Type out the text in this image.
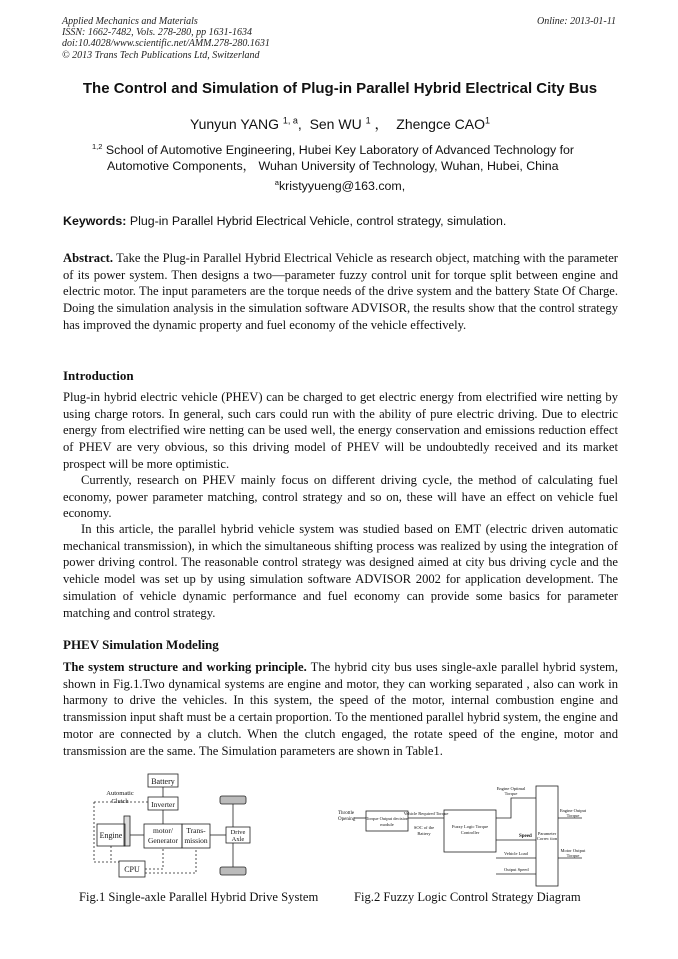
Applied Mechanics and Materials
ISSN: 1662-7482, Vols. 278-280, pp 1631-1634
doi:10.4028/www.scientific.net/AMM.278-280.1631
© 2013 Trans Tech Publications Ltd, Switzerland
Online: 2013-01-11
The Control and Simulation of Plug-in Parallel Hybrid Electrical City Bus
Yunyun YANG $^{1, a}$,  Sen WU $^1$ ，  Zhengce CAO$^1$
$^{1,2}$ School of Automotive Engineering, Hubei Key Laboratory of Advanced Technology for
Automotive Components， Wuhan University of Technology, Wuhan, Hubei, China
$^a$kristyyueng@163.com,
Keywords: Plug-in Parallel Hybrid Electrical Vehicle, control strategy, simulation.
Abstract. Take the Plug-in Parallel Hybrid Electrical Vehicle as research object, matching with the parameter of its power system. Then designs a two—parameter fuzzy control unit for torque split between engine and electric motor. The input parameters are the torque needs of the drive system and the battery State Of Charge. Doing the simulation analysis in the simulation software ADVISOR, the results show that the control strategy has improved the dynamic property and fuel economy of the vehicle effectively.
Introduction
Plug-in hybrid electric vehicle (PHEV) can be charged to get electric energy from electrified wire netting by using charge rotors. In general, such cars could run with the ability of pure electric driving. Due to electric energy from electrified wire netting can be used well, the energy conservation and emissions reduction effect of PHEV are very obvious, so this driving model of PHEV will be undoubtedly received and its market prospect will be more optimistic.
Currently, research on PHEV mainly focus on different driving cycle, the method of calculating fuel economy, power parameter matching, control strategy and so on, these will have an effect on vehicle fuel economy.
In this article, the parallel hybrid vehicle system was studied based on EMT (electric driven automatic mechanical transmission), in which the simultaneous shifting process was realized by using the integration of power driving control. The reasonable control strategy was designed aimed at city bus driving cycle and the vehicle model was set up by using simulation software ADVISOR 2002 for application development. The simulation of vehicle dynamic performance and fuel economy can provide some basics for parameter matching and control strategy.
PHEV Simulation Modeling
The system structure and working principle. The hybrid city bus uses single-axle parallel hybrid system, shown in Fig.1.Two dynamical systems are engine and motor, they can working separated , also can work in harmony to drive the vehicles. In this system, the speed of the motor, internal combustion engine and transmission input shaft must be a certain proportion. To the mentioned parallel hybrid system, the engine and motor are connected by a clutch. When the clutch engaged, the rotate speed of the engine, motor and transmission are the same. The Simulation parameters are shown in Table1.
Battery
Inverter
Automatic
Clutch
Engine
motor/
Generator
Trans-
mission
Drive
Axle
CPU
Throttle
Opening Torque Output decision
module
Vehicle Required Torque
SOC of the
Battery
Fuzzy Logic Torque
Controller
Engine Optimal
Torque
Speed
Vehicle Load
Output Speed
Parameter
Correc tion
Engine Output
Torque
Motor Output
Torque
Fig.1 Single-axle Parallel Hybrid Drive System	Fig.2 Fuzzy Logic Control Strategy Diagram
